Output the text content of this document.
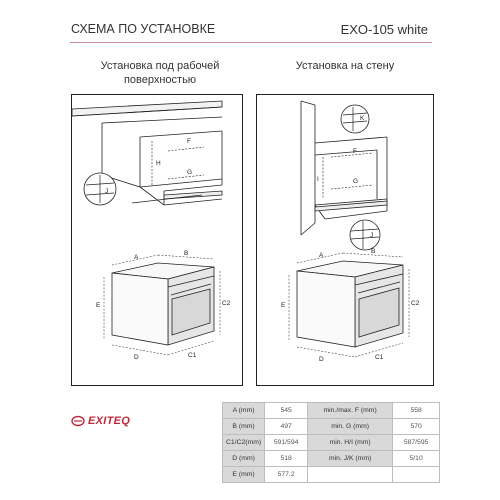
СХЕМА ПО УСТАНОВКЕ	EXO-105 white
Установка под рабочей
поверхностью
Установка на стену
H
F
G
J
A
B
E	C2
D	C1
I
F
G
K
J
A
B
E	C2
D	C1
EXITEQ
A (mm)	545	min./max. F (mm)	558
B (mm)	497	min. G (mm)	570
C1/C2(mm)	591/594	min. H/I (mm)	587/595
D (mm)	518	min. J/K (mm)	5/10
E (mm)	577,2		
